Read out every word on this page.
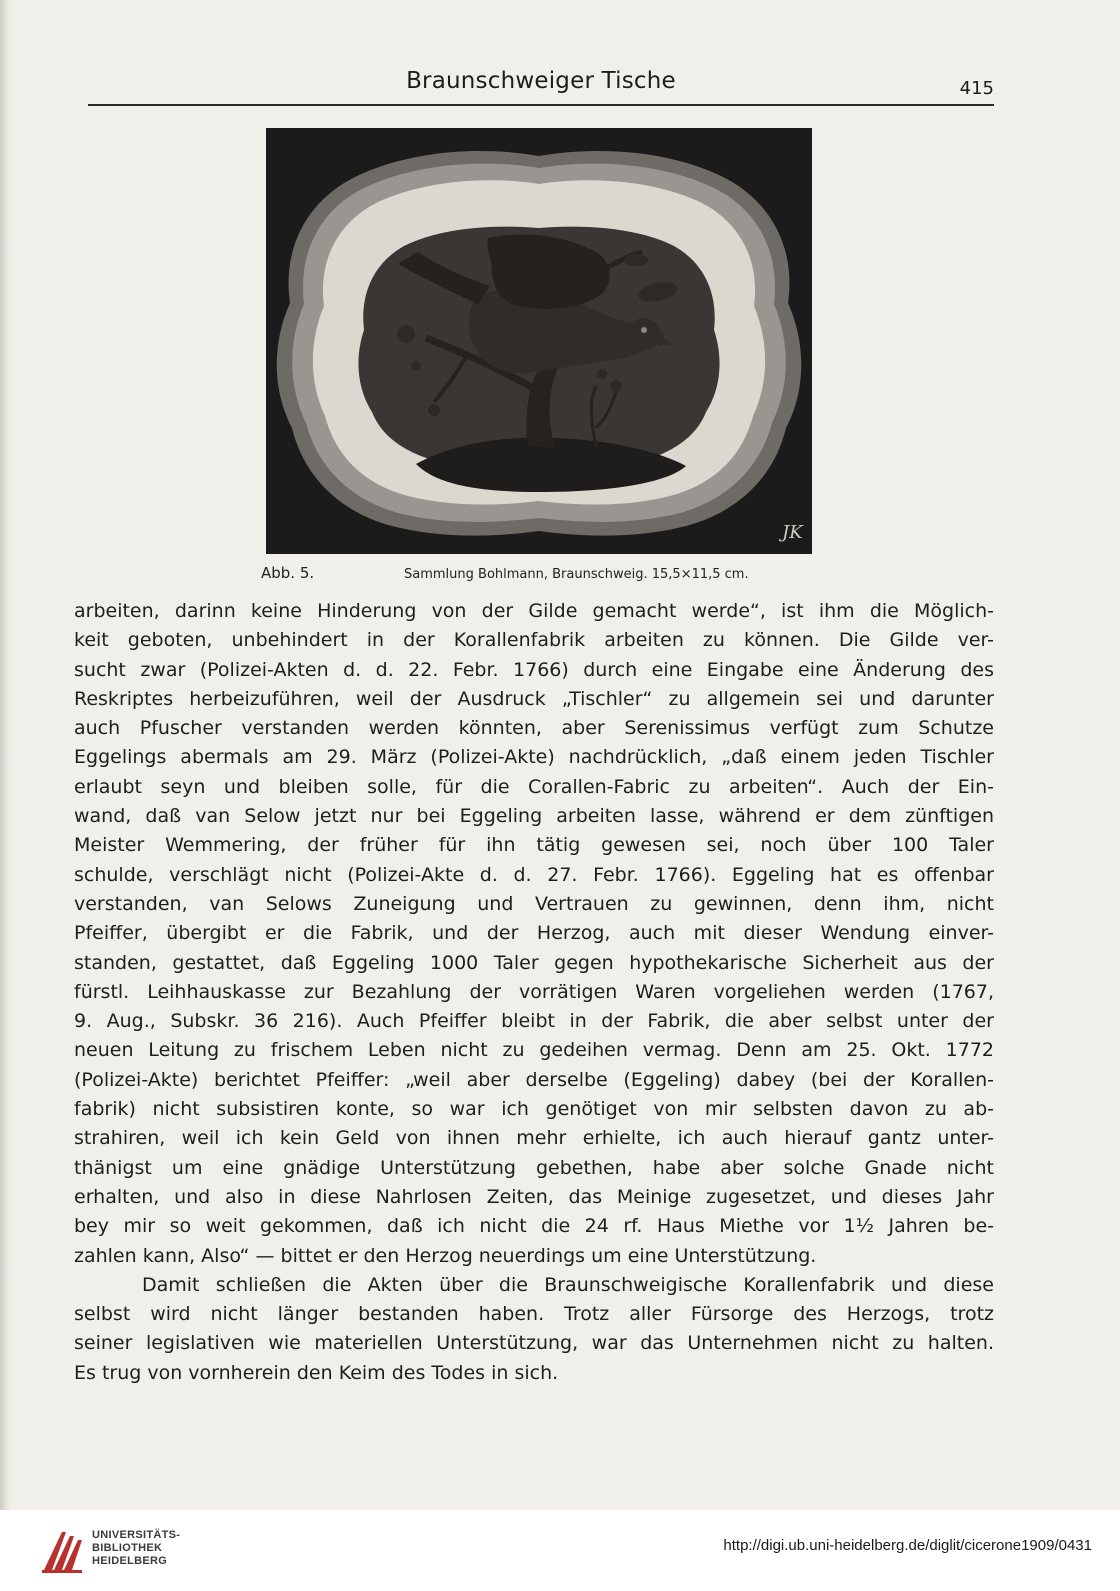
Braunschweiger Tische	415
JK
Abb. 5.	Sammlung Bohlmann, Braunschweig. 15,5×11,5 cm.
arbeiten, darinn keine Hinderung von der Gilde gemacht werde“, ist ihm die Möglich-
keit geboten, unbehindert in der Korallenfabrik arbeiten zu können. Die Gilde ver-
sucht zwar (Polizei-Akten d. d. 22. Febr. 1766) durch eine Eingabe eine Änderung des
Reskriptes herbeizuführen, weil der Ausdruck „Tischler“ zu allgemein sei und darunter
auch Pfuscher verstanden werden könnten, aber Serenissimus verfügt zum Schutze
Eggelings abermals am 29. März (Polizei-Akte) nachdrücklich, „daß einem jeden Tischler
erlaubt seyn und bleiben solle, für die Corallen-Fabric zu arbeiten“. Auch der Ein-
wand, daß van Selow jetzt nur bei Eggeling arbeiten lasse, während er dem zünftigen
Meister Wemmering, der früher für ihn tätig gewesen sei, noch über 100 Taler
schulde, verschlägt nicht (Polizei-Akte d. d. 27. Febr. 1766). Eggeling hat es offenbar
verstanden, van Selows Zuneigung und Vertrauen zu gewinnen, denn ihm, nicht
Pfeiffer, übergibt er die Fabrik, und der Herzog, auch mit dieser Wendung einver-
standen, gestattet, daß Eggeling 1000 Taler gegen hypothekarische Sicherheit aus der
fürstl. Leihhauskasse zur Bezahlung der vorrätigen Waren vorgeliehen werden (1767,
9. Aug., Subskr. 36 216). Auch Pfeiffer bleibt in der Fabrik, die aber selbst unter der
neuen Leitung zu frischem Leben nicht zu gedeihen vermag. Denn am 25. Okt. 1772
(Polizei-Akte) berichtet Pfeiffer: „weil aber derselbe (Eggeling) dabey (bei der Korallen-
fabrik) nicht subsistiren konte, so war ich genötiget von mir selbsten davon zu ab-
strahiren, weil ich kein Geld von ihnen mehr erhielte, ich auch hierauf gantz unter-
thänigst um eine gnädige Unterstützung gebethen, habe aber solche Gnade nicht
erhalten, und also in diese Nahrlosen Zeiten, das Meinige zugesetzet, und dieses Jahr
bey mir so weit gekommen, daß ich nicht die 24 rf. Haus Miethe vor 1½ Jahren be-
zahlen kann, Also“ — bittet er den Herzog neuerdings um eine Unterstützung.
Damit schließen die Akten über die Braunschweigische Korallenfabrik und diese
selbst wird nicht länger bestanden haben. Trotz aller Fürsorge des Herzogs, trotz
seiner legislativen wie materiellen Unterstützung, war das Unternehmen nicht zu halten.
Es trug von vornherein den Keim des Todes in sich.
UNIVERSITÄTS-
BIBLIOTHEK
HEIDELBERG
http://digi.ub.uni-heidelberg.de/diglit/cicerone1909/0431
